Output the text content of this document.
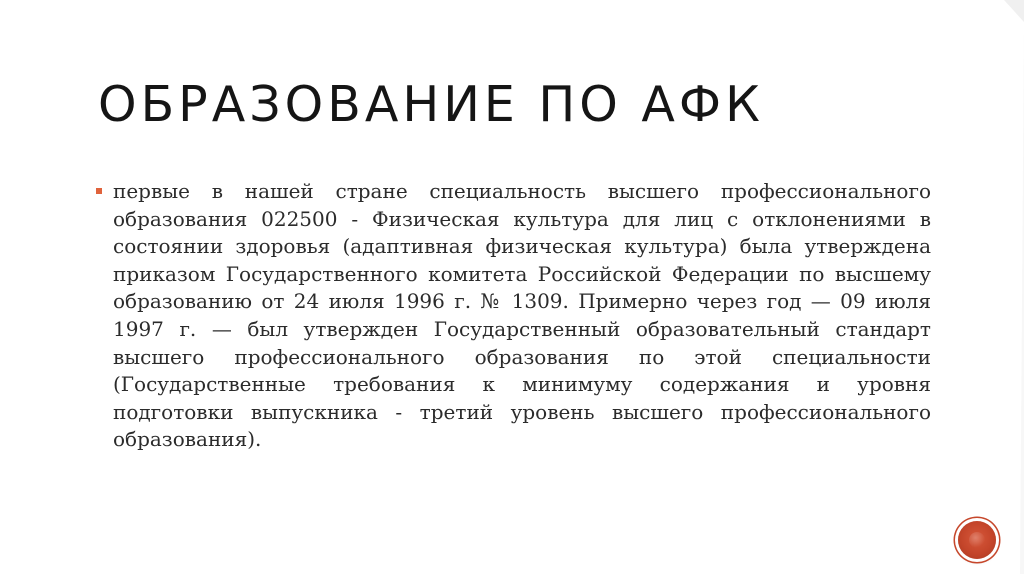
ОБРАЗОВАНИЕ ПО АФК

первые в нашей стране специальность высшего профессионального образования 022500 - Физическая культура для лиц с отклонениями в состоянии здоровья (адаптивная физическая культура) была утверждена приказом Государственного комитета Российской Федерации по высшему образованию от 24 июля 1996 г. № 1309. Примерно через год — 09 июля 1997 г. — был утвержден Государственный образовательный стандарт высшего профессионального образования по этой специальности (Государственные требования к минимуму содержания и уровня подготовки выпускника - третий уровень высшего профессионального образования).
